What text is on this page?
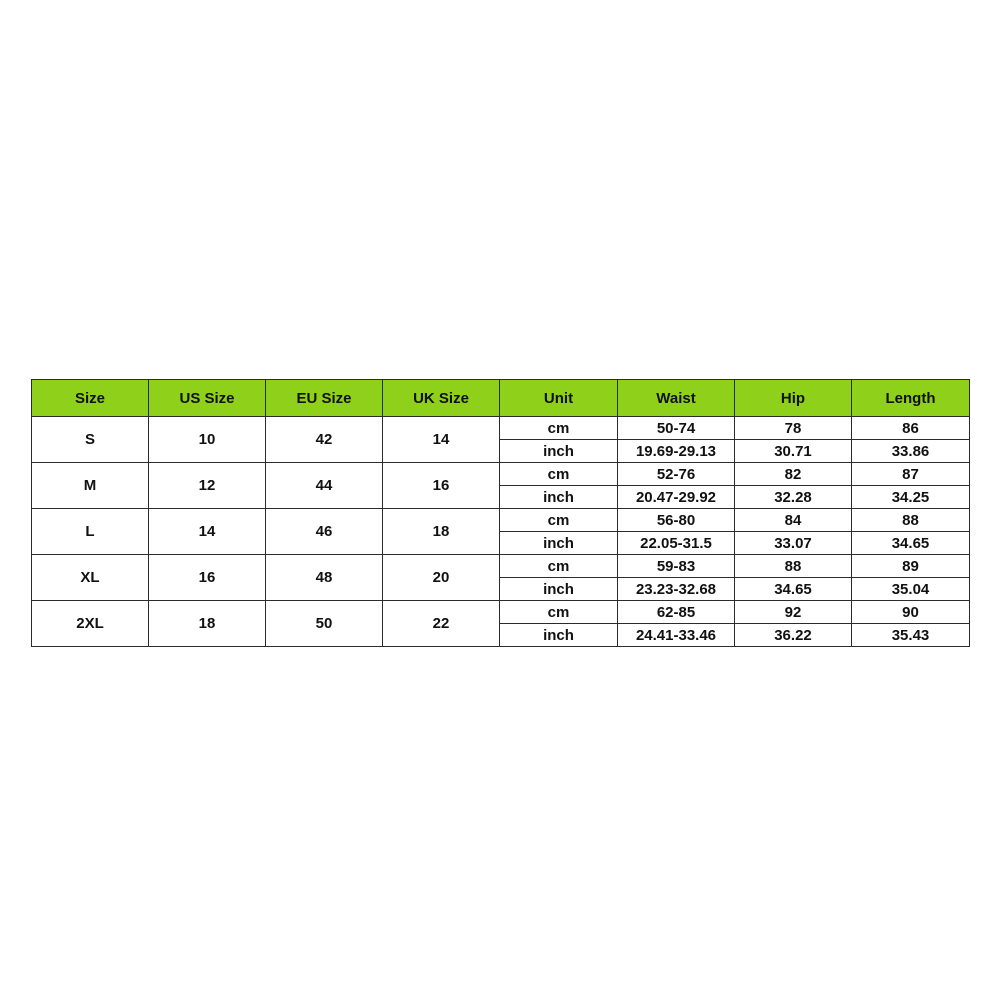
Size	US Size	EU Size	UK Size	Unit	Waist	Hip	Length
S	10	42	14	cm	50-74	78	86
				inch	19.69-29.13	30.71	33.86
M	12	44	16	cm	52-76	82	87
				inch	20.47-29.92	32.28	34.25
L	14	46	18	cm	56-80	84	88
				inch	22.05-31.5	33.07	34.65
XL	16	48	20	cm	59-83	88	89
				inch	23.23-32.68	34.65	35.04
2XL	18	50	22	cm	62-85	92	90
				inch	24.41-33.46	36.22	35.43
